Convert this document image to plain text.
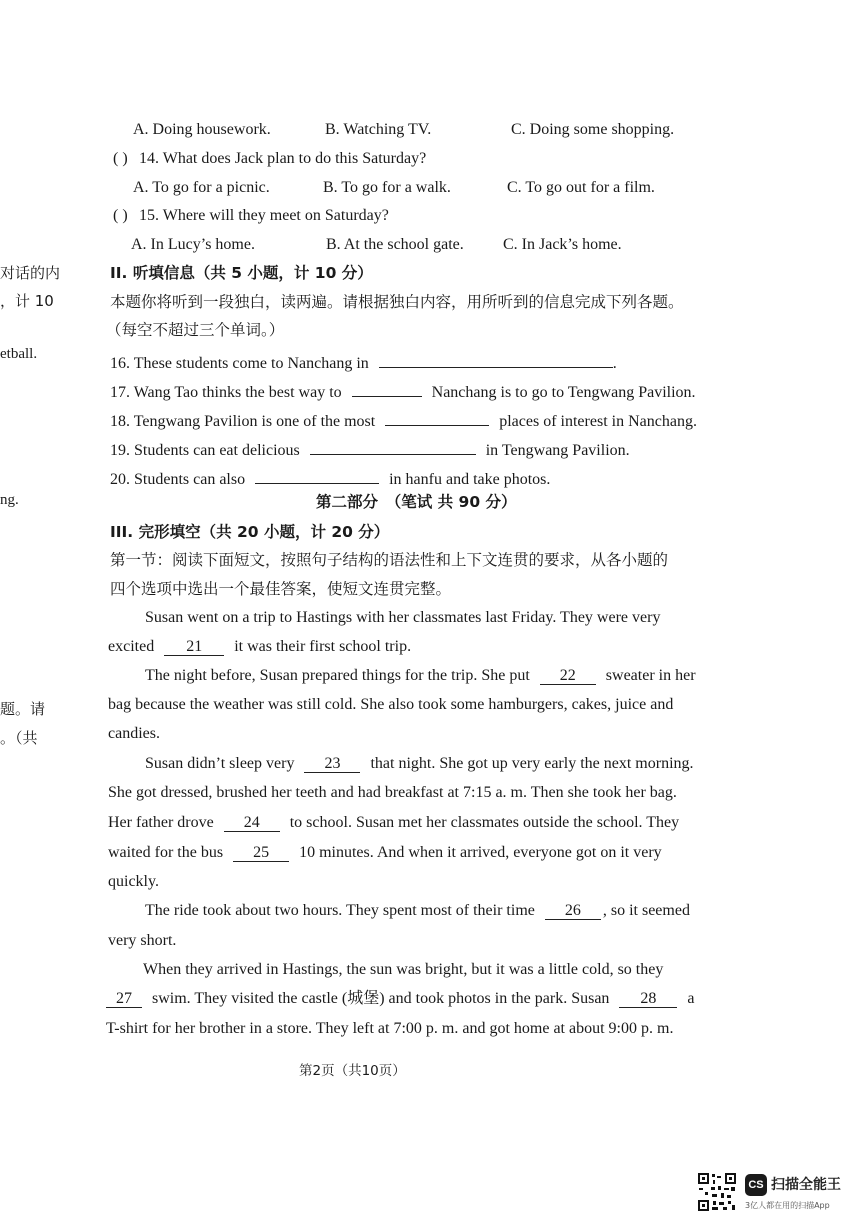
对话的内
，计 10
etball.
ng.
题。请
。（共
A. Doing housework.	B. Watching TV.	C. Doing some shopping.
( ) 14. What does Jack plan to do this Saturday?
A. To go for a picnic.	B. To go for a walk.	C. To go out for a film.
( ) 15. Where will they meet on Saturday?
A. In Lucy’s home.	B. At the school gate. C. In Jack’s home.
II. 听填信息（共 5 小题，计 10 分）
本题你将听到一段独白，读两遍。请根据独白内容，用所听到的信息完成下列各题。
（每空不超过三个单词。）
16. These students come to Nanchang in	.
17. Wang Tao thinks the best way to	Nanchang is to go to Tengwang Pavilion.
18. Tengwang Pavilion is one of the most	places of interest in Nanchang.
19. Students can eat delicious	in Tengwang Pavilion.
20. Students can also	in hanfu and take photos.
第二部分　（笔试 共 90 分）
III. 完形填空（共 20 小题，计 20 分）
第一节：阅读下面短文，按照句子结构的语法性和上下文连贯的要求，从各小题的
四个选项中选出一个最佳答案，使短文连贯完整。
Susan went on a trip to Hastings with her classmates last Friday. They were very
excited 21 it was their first school trip.
The night before, Susan prepared things for the trip. She put 22 sweater in her
bag because the weather was still cold. She also took some hamburgers, cakes, juice and
candies.
Susan didn’t sleep very 23 that night. She got up very early the next morning.
She got dressed, brushed her teeth and had breakfast at 7:15 a. m. Then she took her bag.
Her father drove 24 to school. Susan met her classmates outside the school. They
waited for the bus 25 10 minutes. And when it arrived, everyone got on it very
quickly.
The ride took about two hours. They spent most of their time 26 , so it seemed
very short.
When they arrived in Hastings, the sun was bright, but it was a little cold, so they
27 swim. They visited the castle (城堡) and took photos in the park. Susan 28 a
T-shirt for her brother in a store. They left at 7:00 p. m. and got home at about 9:00 p. m.
第2页（共10页）
CS 扫描全能王
3亿人都在用的扫描App
